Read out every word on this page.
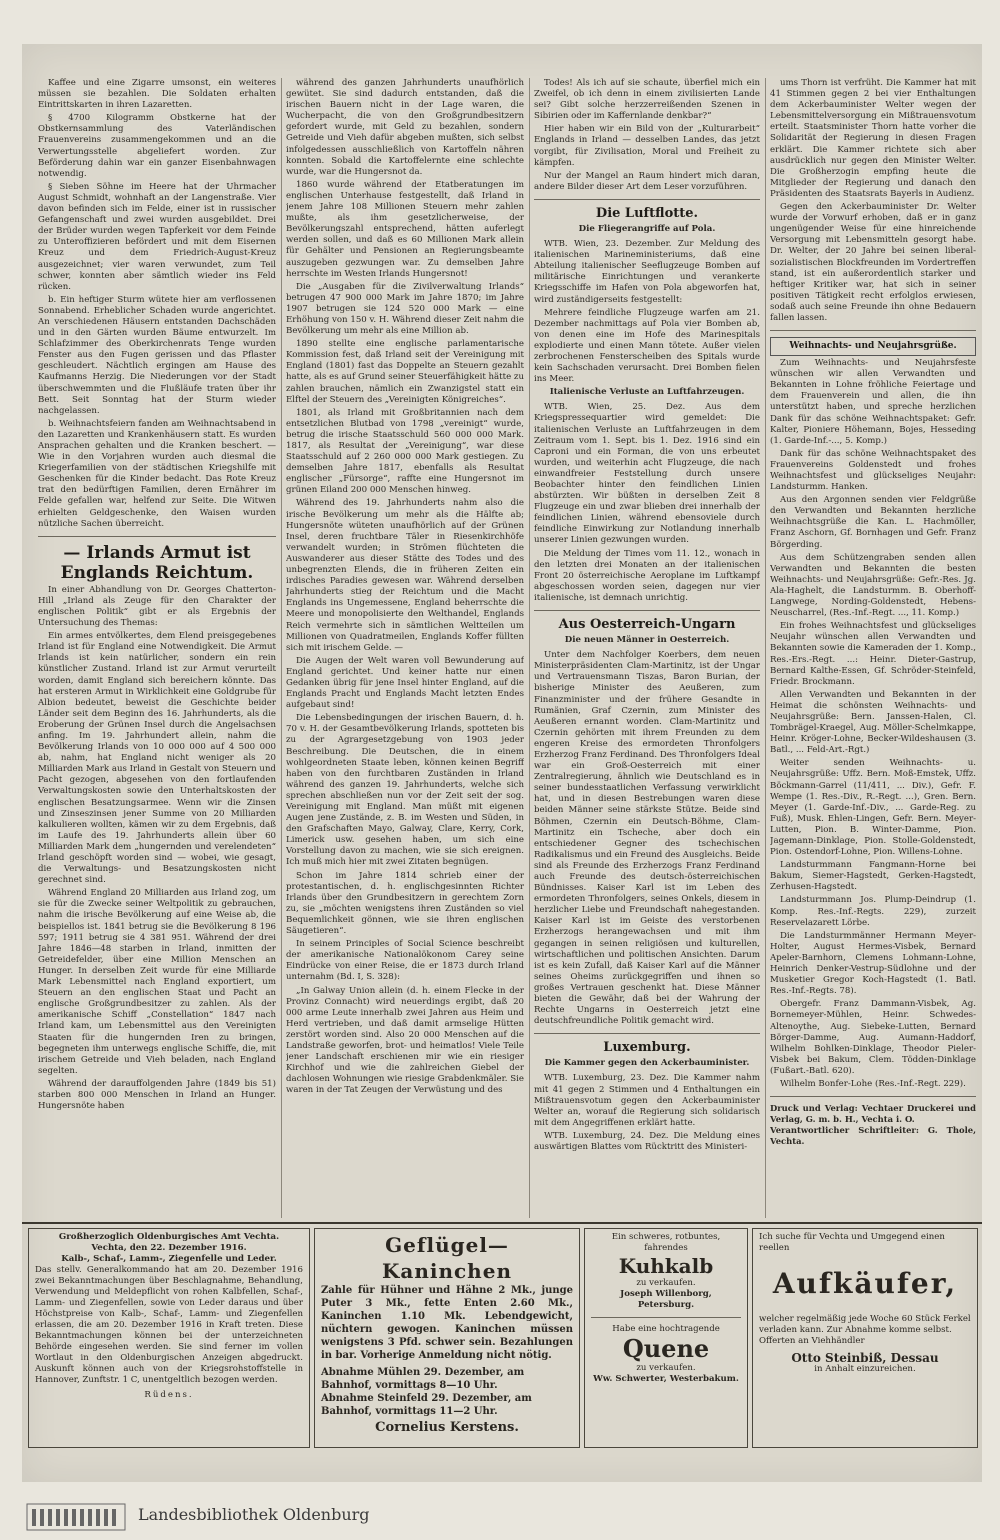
Kaffee und eine Zigarre umsonst, ein weiteres müssen sie bezahlen. Die Soldaten erhalten Eintrittskarten in ihren Lazaretten.

§ 4700 Kilogramm Obstkerne hat der Obstkernsammlung des Vaterländischen Frauenvereins zusammengekommen und an die Verwertungsstelle abgeliefert worden. Zur Beförderung dahin war ein ganzer Eisenbahnwagen notwendig.

§ Sieben Söhne im Heere hat der Uhrmacher August Schmidt, wohnhaft an der Langenstraße. Vier davon befinden sich im Felde, einer ist in russischer Gefangenschaft und zwei wurden ausgebildet. Drei der Brüder wurden wegen Tapferkeit vor dem Feinde zu Unteroffizieren befördert und mit dem Eisernen Kreuz und dem Friedrich-August-Kreuz ausgezeichnet; vier waren verwundet, zum Teil schwer, konnten aber sämtlich wieder ins Feld rücken.

b. Ein heftiger Sturm wütete hier am verflossenen Sonnabend. Erheblicher Schaden wurde angerichtet. An verschiedenen Häusern entstanden Dachschäden und in den Gärten wurden Bäume entwurzelt. Im Schlafzimmer des Oberkirchenrats Tenge wurden Fenster aus den Fugen gerissen und das Pflaster geschleudert. Nächtlich ergingen am Hause des Kaufmanns Herzig. Die Niederungen vor der Stadt überschwemmten und die Flußläufe traten über ihr Bett. Seit Sonntag hat der Sturm wieder nachgelassen.

b. Weihnachtsfeiern fanden am Weihnachtsabend in den Lazaretten und Krankenhäusern statt. Es wurden Ansprachen gehalten und die Kranken beschert. — Wie in den Vorjahren wurden auch diesmal die Kriegerfamilien von der städtischen Kriegshilfe mit Geschenken für die Kinder bedacht. Das Rote Kreuz trat den bedürftigen Familien, deren Ernährer im Felde gefallen war, helfend zur Seite. Die Witwen erhielten Geldgeschenke, den Waisen wurden nützliche Sachen überreicht.

— Irlands Armut ist Englands Reichtum.

In einer Abhandlung von Dr. Georges Chatterton-Hill „Irland als Zeuge für den Charakter der englischen Politik“ gibt er als Ergebnis der Untersuchung des Themas:

Ein armes entvölkertes, dem Elend preisgegebenes Irland ist für England eine Notwendigkeit. Die Armut Irlands ist kein natürlicher, sondern ein rein künstlicher Zustand. Irland ist zur Armut verurteilt worden, damit England sich bereichern könnte. Das hat ersteren Armut in Wirklichkeit eine Goldgrube für Albion bedeutet, beweist die Geschichte beider Länder seit dem Beginn des 16. Jahrhunderts, als die Eroberung der Grünen Insel durch die Angelsachsen anfing. Im 19. Jahrhundert allein, nahm die Bevölkerung Irlands von 10 000 000 auf 4 500 000 ab, nahm, hat England nicht weniger als 20 Milliarden Mark aus Irland in Gestalt von Steuern und Pacht gezogen, abgesehen von den fortlaufenden Verwaltungskosten sowie den Unterhaltskosten der englischen Besatzungsarmee. Wenn wir die Zinsen und Zinseszinsen jener Summe von 20 Milliarden kalkulieren wollten, kämen wir zu dem Ergebnis, daß im Laufe des 19. Jahrhunderts allein über 60 Milliarden Mark dem „hungernden und verelendeten“ Irland geschöpft worden sind — wobei, wie gesagt, die Verwaltungs- und Besatzungskosten nicht gerechnet sind.

Während England 20 Milliarden aus Irland zog, um sie für die Zwecke seiner Weltpolitik zu gebrauchen, nahm die irische Bevölkerung auf eine Weise ab, die beispiellos ist. 1841 betrug sie die Bevölkerung 8 196 597; 1911 betrug sie 4 381 951. Während der drei Jahre 1846—48 starben in Irland, inmitten der Getreidefelder, über eine Million Menschen an Hunger. In derselben Zeit wurde für eine Milliarde Mark Lebensmittel nach England exportiert, um Steuern an den englischen Staat und Pacht an englische Großgrundbesitzer zu zahlen. Als der amerikanische Schiff „Constellation“ 1847 nach Irland kam, um Lebensmittel aus den Vereinigten Staaten für die hungernden Iren zu bringen, begegneten ihm unterwegs englische Schiffe, die, mit irischem Getreide und Vieh beladen, nach England segelten.

Während der darauffolgenden Jahre (1849 bis 51) starben 800 000 Menschen in Irland an Hunger. Hungersnöte haben

während des ganzen Jahrhunderts unaufhörlich gewütet. Sie sind dadurch entstanden, daß die irischen Bauern nicht in der Lage waren, die Wucherpacht, die von den Großgrundbesitzern gefordert wurde, mit Geld zu bezahlen, sondern Getreide und Vieh dafür abgeben mußten, sich selbst infolgedessen ausschließlich von Kartoffeln nähren konnten. Sobald die Kartoffelernte eine schlechte wurde, war die Hungersnot da.

1860 wurde während der Etatberatungen im englischen Unterhause festgestellt, daß Irland in jenem Jahre 108 Millionen Steuern mehr zahlen mußte, als ihm gesetzlicherweise, der Bevölkerungszahl entsprechend, hätten auferlegt werden sollen, und daß es 60 Millionen Mark allein für Gehälter und Pensionen an Regierungsbeamte auszugeben gezwungen war. Zu demselben Jahre herrschte im Westen Irlands Hungersnot!

Die „Ausgaben für die Zivilverwaltung Irlands“ betrugen 47 900 000 Mark im Jahre 1870; im Jahre 1907 betrugen sie 124 520 000 Mark — eine Erhöhung von 150 v. H. Während dieser Zeit nahm die Bevölkerung um mehr als eine Million ab.

1890 stellte eine englische parlamentarische Kommission fest, daß Irland seit der Vereinigung mit England (1801) fast das Doppelte an Steuern gezahlt hatte, als es auf Grund seiner Steuerfähigkeit hätte zu zahlen brauchen, nämlich ein Zwanzigstel statt ein Elftel der Steuern des „Vereinigten Königreiches“.

1801, als Irland mit Großbritannien nach dem entsetzlichen Blutbad von 1798 „vereinigt“ wurde, betrug die irische Staatsschuld 560 000 000 Mark. 1817, als Resultat der „Vereinigung“, war diese Staatsschuld auf 2 260 000 000 Mark gestiegen. Zu demselben Jahre 1817, ebenfalls als Resultat englischer „Fürsorge“, raffte eine Hungersnot im grünen Eiland 200 000 Menschen hinweg.

Während des 19. Jahrhunderts nahm also die irische Bevölkerung um mehr als die Hälfte ab; Hungersnöte wüteten unaufhörlich auf der Grünen Insel, deren fruchtbare Täler in Riesenkirchhöfe verwandelt wurden; in Strömen flüchteten die Auswanderer aus dieser Stätte des Todes und des unbegrenzten Elends, die in früheren Zeiten ein irdisches Paradies gewesen war. Während derselben Jahrhunderts stieg der Reichtum und die Macht Englands ins Ungemessene, England beherrschte die Meere und monopolisierte den Welthandel, Englands Reich vermehrte sich in sämtlichen Weltteilen um Millionen von Quadratmeilen, Englands Koffer füllten sich mit irischem Gelde. —

Die Augen der Welt waren voll Bewunderung auf England gerichtet. Und keiner hatte nur einen Gedanken übrig für jene Insel hinter England, auf die Englands Pracht und Englands Macht letzten Endes aufgebaut sind!

Die Lebensbedingungen der irischen Bauern, d. h. 70 v. H. der Gesamtbevölkerung Irlands, spotteten bis zu der Agrargesetzgebung von 1903 jeder Beschreibung. Die Deutschen, die in einem wohlgeordneten Staate leben, können keinen Begriff haben von den furchtbaren Zuständen in Irland während des ganzen 19. Jahrhunderts, welche sich sprechen abschließen nun vor der Zeit seit der sog. Vereinigung mit England. Man müßt mit eigenen Augen jene Zustände, z. B. im Westen und Süden, in den Grafschaften Mayo, Galway, Clare, Kerry, Cork, Limerick usw. gesehen haben, um sich eine Vorstellung davon zu machen, wie sie sich ereignen. Ich muß mich hier mit zwei Zitaten begnügen.

Schon im Jahre 1814 schrieb einer der protestantischen, d. h. englischgesinnten Richter Irlands über den Grundbesitzern in gerechtem Zorn zu, sie „möchten wenigstens ihren Zuständen so viel Bequemlichkeit gönnen, wie sie ihren englischen Säugetieren“.

In seinem Principles of Social Science beschreibt der amerikanische Nationalökonom Carey seine Eindrücke von einer Reise, die er 1873 durch Irland unternahm (Bd. I, S. 328):

„In Galway Union allein (d. h. einem Flecke in der Provinz Connacht) wird neuerdings ergibt, daß 20 000 arme Leute innerhalb zwei Jahren aus Heim und Herd vertrieben, und daß damit armselige Hütten zerstört worden sind. Also 20 000 Menschen auf die Landstraße geworfen, brot- und heimatlos! Viele Teile jener Landschaft erschienen mir wie ein riesiger Kirchhof und wie die zahlreichen Giebel der dachlosen Wohnungen wie riesige Grabdenkmäler. Sie waren in der Tat Zeugen der Verwüstung und des

Todes! Als ich auf sie schaute, überfiel mich ein Zweifel, ob ich denn in einem zivilisierten Lande sei? Gibt solche herzzerreißenden Szenen in Sibirien oder im Kaffernlande denkbar?“

Hier haben wir ein Bild von der „Kulturarbeit“ Englands in Irland — desselben Landes, das jetzt vorgibt, für Zivilisation, Moral und Freiheit zu kämpfen.

Nur der Mangel an Raum hindert mich daran, andere Bilder dieser Art dem Leser vorzuführen.

Die Luftflotte.
Die Fliegerangriffe auf Pola.

WTB. Wien, 23. Dezember. Zur Meldung des italienischen Marineministeriums, daß eine Abteilung italienischer Seeflugzeuge Bomben auf militärische Einrichtungen und verankerte Kriegsschiffe im Hafen von Pola abgeworfen hat, wird zuständigerseits festgestellt:

Mehrere feindliche Flugzeuge warfen am 21. Dezember nachmittags auf Pola vier Bomben ab, von denen eine im Hofe des Marinespitals explodierte und einen Mann tötete. Außer vielen zerbrochenen Fensterscheiben des Spitals wurde kein Sachschaden verursacht. Drei Bomben fielen ins Meer.

Italienische Verluste an Luftfahrzeugen.

WTB. Wien, 25. Dez. Aus dem Kriegspressequartier wird gemeldet: Die italienischen Verluste an Luftfahrzeugen in dem Zeitraum vom 1. Sept. bis 1. Dez. 1916 sind ein Caproni und ein Forman, die von uns erbeutet wurden, und weiterhin acht Flugzeuge, die nach einwandfreier Feststellung durch unsere Beobachter hinter den feindlichen Linien abstürzten. Wir büßten in derselben Zeit 8 Flugzeuge ein und zwar blieben drei innerhalb der feindlichen Linien, während ebensoviele durch feindliche Einwirkung zur Notlandung innerhalb unserer Linien gezwungen wurden.

Die Meldung der Times vom 11. 12., wonach in den letzten drei Monaten an der italienischen Front 20 österreichische Aeroplane im Luftkampf abgeschossen worden seien, dagegen nur vier italienische, ist demnach unrichtig.

Aus Oesterreich-Ungarn
Die neuen Männer in Oesterreich.

Unter dem Nachfolger Koerbers, dem neuen Ministerpräsidenten Clam-Martinitz, ist der Ungar und Vertrauensmann Tiszas, Baron Burian, der bisherige Minister des Aeußeren, zum Finanzminister und der frühere Gesandte in Rumänien, Graf Czernin, zum Minister des Aeußeren ernannt worden. Clam-Martinitz und Czernin gehörten mit ihrem Freunden zu dem engeren Kreise des ermordeten Thronfolgers Erzherzog Franz Ferdinand. Des Thronfolgers Ideal war ein Groß-Oesterreich mit einer Zentralregierung, ähnlich wie Deutschland es in seiner bundesstaatlichen Verfassung verwirklicht hat, und in diesen Bestrebungen waren diese beiden Männer seine stärkste Stütze. Beide sind Böhmen, Czernin ein Deutsch-Böhme, Clam-Martinitz ein Tscheche, aber doch ein entschiedener Gegner des tschechischen Radikalismus und ein Freund des Ausgleichs. Beide sind als Freunde des Erzherzogs Franz Ferdinand auch Freunde des deutsch-österreichischen Bündnisses. Kaiser Karl ist im Leben des ermordeten Thronfolgers, seines Onkels, diesem in herzlicher Liebe und Freundschaft nahegestanden. Kaiser Karl ist im Geiste des verstorbenen Erzherzogs herangewachsen und mit ihm gegangen in seinen religiösen und kulturellen, wirtschaftlichen und politischen Ansichten. Darum ist es kein Zufall, daß Kaiser Karl auf die Männer seines Oheims zurückgegriffen und ihnen so großes Vertrauen geschenkt hat. Diese Männer bieten die Gewähr, daß bei der Wahrung der Rechte Ungarns in Oesterreich jetzt eine deutschfreundliche Politik gemacht wird.

Luxemburg.
Die Kammer gegen den Ackerbauminister.

WTB. Luxemburg, 23. Dez. Die Kammer nahm mit 41 gegen 2 Stimmen und 4 Enthaltungen ein Mißtrauensvotum gegen den Ackerbauminister Welter an, worauf die Regierung sich solidarisch mit dem Angegriffenen erklärt hatte.

WTB. Luxemburg, 24. Dez. Die Meldung eines auswärtigen Blattes vom Rücktritt des Ministeri-

ums Thorn ist verfrüht. Die Kammer hat mit 41 Stimmen gegen 2 bei vier Enthaltungen dem Ackerbauminister Welter wegen der Lebensmittelversorgung ein Mißtrauensvotum erteilt. Staatsminister Thorn hatte vorher die Solidarität der Regierung in diesen Fragen erklärt. Die Kammer richtete sich aber ausdrücklich nur gegen den Minister Welter. Die Großherzogin empfing heute die Mitglieder der Regierung und danach den Präsidenten des Staatsrats Bayerls in Audienz.

Gegen den Ackerbauminister Dr. Welter wurde der Vorwurf erhoben, daß er in ganz ungenügender Weise für eine hinreichende Versorgung mit Lebensmitteln gesorgt habe. Dr. Welter, der 20 Jahre bei seinen liberal-sozialistischen Blockfreunden im Vordertreffen stand, ist ein außerordentlich starker und heftiger Kritiker war, hat sich in seiner positiven Tätigkeit recht erfolglos erwiesen, sodaß auch seine Freunde ihn ohne Bedauern fallen lassen.

Weihnachts- und Neujahrsgrüße.

Zum Weihnachts- und Neujahrsfeste wünschen wir allen Verwandten und Bekannten in Lohne fröhliche Feiertage und dem Frauenverein und allen, die ihn unterstützt haben, und spreche herzlichen Dank für das schöne Weihnachtspaket: Gefr. Kalter, Pioniere Höhemann, Bojes, Hesseding (1. Garde-Inf.-..., 5. Komp.)

Dank für das schöne Weihnachtspaket des Frauenvereins Goldenstedt und frohes Weihnachtsfest und glückseliges Neujahr: Landsturmm. Hanken.

Aus den Argonnen senden vier Feldgrüße den Verwandten und Bekannten herzliche Weihnachtsgrüße die Kan. L. Hachmöller, Franz Aschorn, Gf. Bornhagen und Gefr. Franz Börgerding.

Aus dem Schützengraben senden allen Verwandten und Bekannten die besten Weihnachts- und Neujahrsgrüße: Gefr.-Res. Jg. Ala-Haghelt, die Landsturmm. B. Oberhoff-Langwege, Nording-Goldenstedt, Hebens-Neuscharrel, (Res.-Inf.-Regt. ..., 11. Komp.)

Ein frohes Weihnachtsfest und glückseliges Neujahr wünschen allen Verwandten und Bekannten sowie die Kameraden der 1. Komp., Res.-Ers.-Regt. ...: Heinr. Dieter-Gastrup, Bernard Kalthe-Essen, Gf. Schröder-Steinfeld, Friedr. Brockmann.

Allen Verwandten und Bekannten in der Heimat die schönsten Weihnachts- und Neujahrsgrüße: Bern. Janssen-Halen, Cl. Tombrägel-Kraegel, Aug. Möller-Schelmkappe, Heinr. Kröger-Lohne, Becker-Wildeshausen (3. Batl., ... Feld-Art.-Rgt.)

Weiter senden Weihnachts- u. Neujahrsgrüße: Uffz. Bern. Moß-Emstek, Uffz. Böckmann-Garrel (11/411, ... Div.), Gefr. F. Wempe (1. Res.-Div., R.-Regt. ...), Gren. Bern. Meyer (1. Garde-Inf.-Div., ... Garde-Reg. zu Fuß), Musk. Ehlen-Lingen, Gefr. Bern. Meyer-Lutten, Pion. B. Winter-Damme, Pion. Jagemann-Dinklage, Pion. Stolle-Goldenstedt, Pion. Ostendorf-Lohne, Pion. Willens-Lohne.

Landsturmmann Fangmann-Horne bei Bakum, Siemer-Hagstedt, Gerken-Hagstedt, Zerhusen-Hagstedt.

Landsturmmann Jos. Plump-Deindrup (1. Komp. Res.-Inf.-Regts. 229), zurzeit Reservelazarett Lörbe.

Die Landsturmmänner Hermann Meyer-Holter, August Hermes-Visbek, Bernard Apeler-Barnhorn, Clemens Lohmann-Lohne, Heinrich Denker-Vestrup-Südlohne und der Musketier Gregor Koch-Hagstedt (1. Batl. Res.-Inf.-Regts. 78).

Obergefr. Franz Dammann-Visbek, Ag. Bornemeyer-Mühlen, Heinr. Schwedes-Altenoythe, Aug. Siebeke-Lutten, Bernard Börger-Damme, Aug. Aumann-Haddorf, Wilhelm Bohlken-Dinklage, Theodor Pieler-Visbek bei Bakum, Clem. Tödden-Dinklage (Fußart.-Batl. 620).

Wilhelm Bonfer-Lohe (Res.-Inf.-Regt. 229).

Druck und Verlag: Vechtaer Druckerei und Verlag, G. m. b. H., Vechta i. O.
Verantwortlicher Schriftleiter: G. Thole, Vechta.
Großherzoglich Oldenburgisches Amt Vechta.
Vechta, den 22. Dezember 1916.
Kalb-, Schaf-, Lamm-, Ziegenfelle und Leder.
Das stellv. Generalkommando hat am 20. Dezember 1916 zwei Bekanntmachungen über Beschlagnahme, Behandlung, Verwendung und Meldepflicht von rohen Kalbfellen, Schaf-, Lamm- und Ziegenfellen, sowie von Leder daraus und über Höchstpreise von Kalb-, Schaf-, Lamm- und Ziegenfellen erlassen, die am 20. Dezember 1916 in Kraft treten. Diese Bekanntmachungen können bei der unterzeichneten Behörde eingesehen werden. Sie sind ferner im vollen Wortlaut in den Oldenburgischen Anzeigen abgedruckt. Auskunft können auch von der Kriegsrohstoffstelle in Hannover, Zunftstr. 1 C, unentgeltlich bezogen werden.
Rüdens.
Geflügel—Kaninchen
Zahle für Hühner und Hähne 2 Mk., junge Puter 3 Mk., fette Enten 2.60 Mk., Kaninchen 1.10 Mk. Lebendgewicht, nüchtern gewogen. Kaninchen müssen wenigstens 3 Pfd. schwer sein. Bezahlungen in bar. Vorherige Anmeldung nicht nötig.
Abnahme Mühlen 29. Dezember, am Bahnhof, vormittags 8—10 Uhr.
Abnahme Steinfeld 29. Dezember, am Bahnhof, vormittags 11—2 Uhr.
Cornelius Kerstens.
Ein schweres, rotbuntes, fahrendes
Kuhkalb
zu verkaufen.
Joseph Willenborg, Petersburg.
Habe eine hochtragende
Quene
zu verkaufen.
Ww. Schwerter, Westerbakum.
Ich suche für Vechta und Umgegend einen reellen
Aufkäufer,
welcher regelmäßig jede Woche 60 Stück Ferkel verladen kann. Zur Abnahme komme selbst. Offerten an Viehhändler
Otto Steinbiß, Dessau
in Anhalt einzureichen.
Landesbibliothek Oldenburg
